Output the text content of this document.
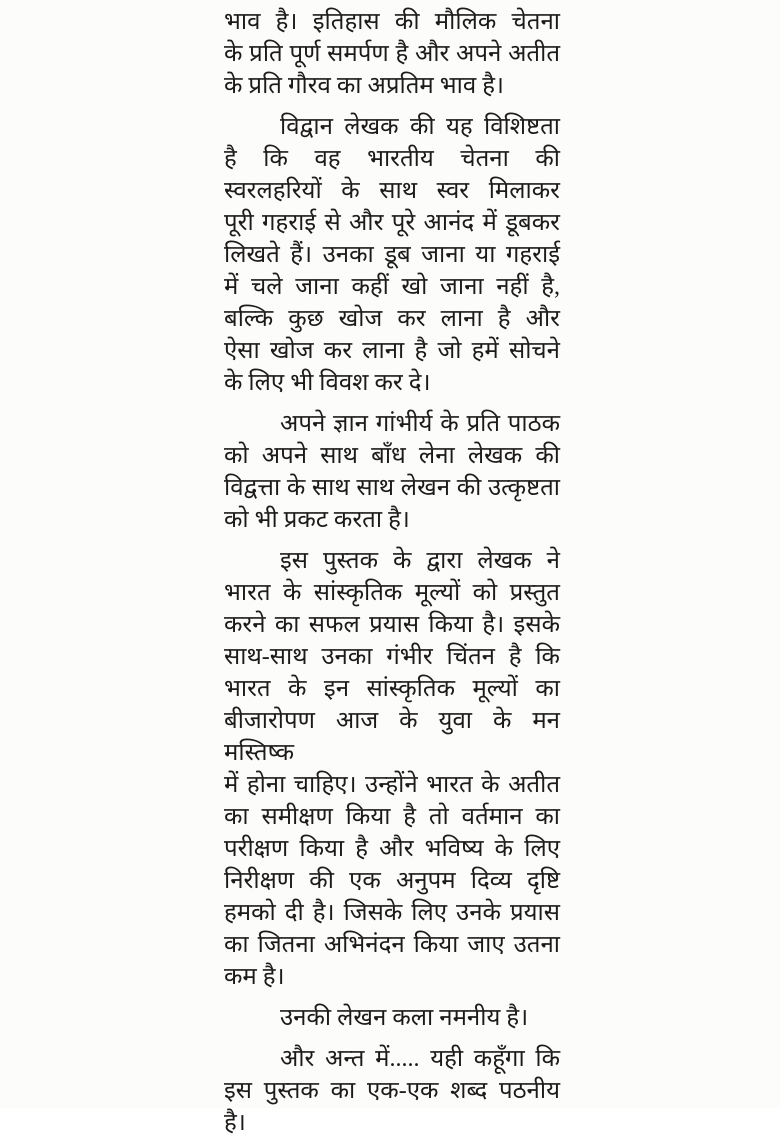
भाव है। इतिहास की मौलिक चेतना
के प्रति पूर्ण समर्पण है और अपने अतीत
के प्रति गौरव का अप्रतिम भाव है।
विद्वान लेखक की यह विशिष्टता
है कि वह भारतीय चेतना की
स्वरलहरियों के साथ स्वर मिलाकर
पूरी गहराई से और पूरे आनंद में डूबकर
लिखते हैं। उनका डूब जाना या गहराई
में चले जाना कहीं खो जाना नहीं है,
बल्कि कुछ खोज कर लाना है और
ऐसा खोज कर लाना है जो हमें सोचने
के लिए भी विवश कर दे।
अपने ज्ञान गांभीर्य के प्रति पाठक
को अपने साथ बाँध लेना लेखक की
विद्वत्ता के साथ साथ लेखन की उत्कृष्टता
को भी प्रकट करता है।
इस पुस्तक के द्वारा लेखक ने
भारत के सांस्कृतिक मूल्यों को प्रस्तुत
करने का सफल प्रयास किया है। इसके
साथ-साथ उनका गंभीर चिंतन है कि
भारत के इन सांस्कृतिक मूल्यों का
बीजारोपण आज के युवा के मन मस्तिष्क
में होना चाहिए। उन्होंने भारत के अतीत
का समीक्षण किया है तो वर्तमान का
परीक्षण किया है और भविष्य के लिए
निरीक्षण की एक अनुपम दिव्य दृष्टि
हमको दी है। जिसके लिए उनके प्रयास
का जितना अभिनंदन किया जाए उतना
कम है।
उनकी लेखन कला नमनीय है।
और अन्त में..... यही कहूँगा कि
इस पुस्तक का एक-एक शब्द पठनीय
है।
